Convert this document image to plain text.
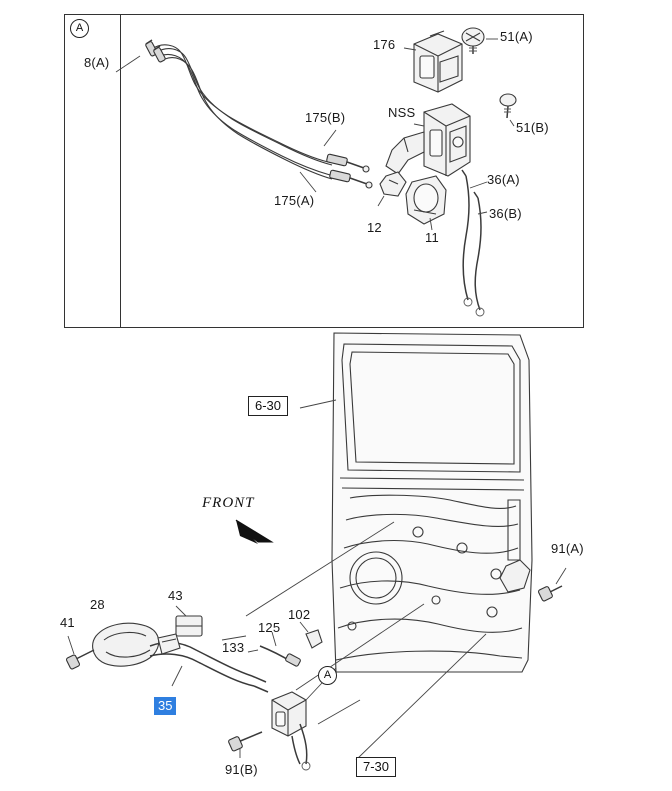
A
8(A)
175(B)
175(A)
NSS
176
51(A)
51(B)
36(A)
36(B)
12
11
6-30
7-30
FRONT
41
28
43
133
125
102
91(A)
91(B)
A
35
